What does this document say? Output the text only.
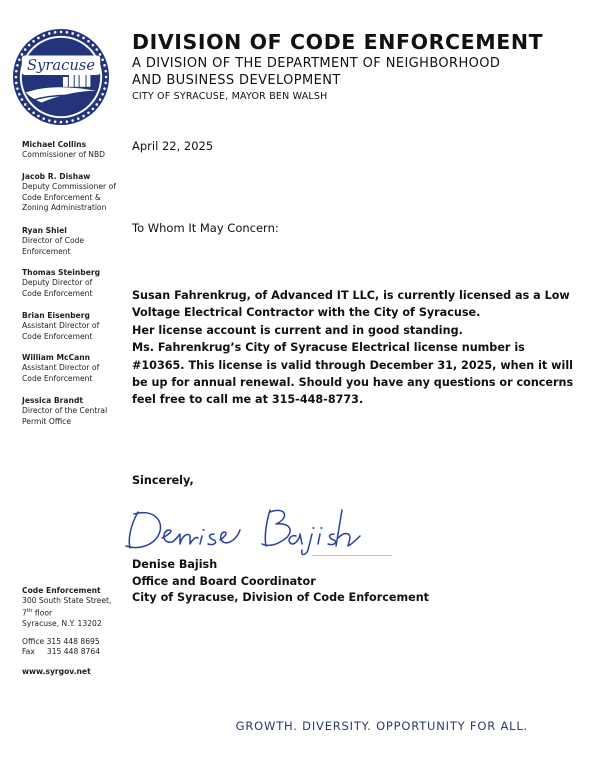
Syracuse
DIVISION OF CODE ENFORCEMENT
A DIVISION OF THE DEPARTMENT OF NEIGHBORHOOD
AND BUSINESS DEVELOPMENT
CITY OF SYRACUSE, MAYOR BEN WALSH
Michael Collins
Commissioner of NBD
Jacob R. Dishaw
Deputy Commissioner of
Code Enforcement &
Zoning Administration
Ryan Shiel
Director of Code
Enforcement
Thomas Steinberg
Deputy Director of
Code Enforcement
Brian Eisenberg
Assistant Director of
Code Enforcement
William McCann
Assistant Director of
Code Enforcement
Jessica Brandt
Director of the Central
Permit Office
April 22, 2025
To Whom It May Concern:
Susan Fahrenkrug, of Advanced IT LLC, is currently licensed as a Low
Voltage Electrical Contractor with the City of Syracuse.
Her license account is current and in good standing.
Ms. Fahrenkrug’s City of Syracuse Electrical license number is
#10365. This license is valid through December 31, 2025, when it will
be up for annual renewal. Should you have any questions or concerns
feel free to call me at 315-448-8773.
Sincerely,
Denise Bajish
Office and Board Coordinator
City of Syracuse, Division of Code Enforcement
Code Enforcement
300 South State Street,
7th floor
Syracuse, N.Y. 13202
Office 315 448 8695
Fax     315 448 8764
www.syrgov.net
GROWTH. DIVERSITY. OPPORTUNITY FOR ALL.
